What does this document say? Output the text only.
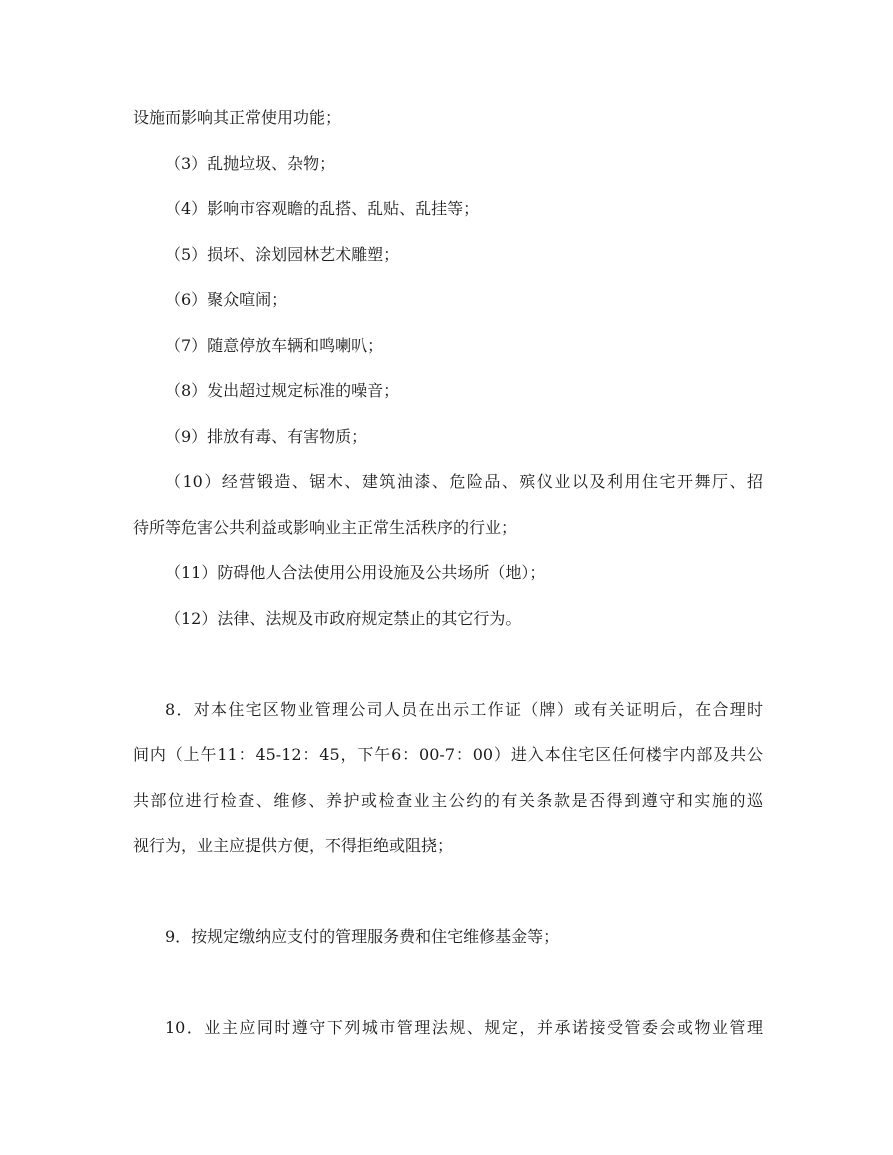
设施而影响其正常使用功能；
（3）乱抛垃圾、杂物；
（4）影响市容观瞻的乱搭、乱贴、乱挂等；
（5）损坏、涂划园林艺术雕塑；
（6）聚众喧闹；
（7）随意停放车辆和鸣喇叭；
（8）发出超过规定标准的噪音；
（9）排放有毒、有害物质；
（10）经营锻造、锯木、建筑油漆、危险品、殡仪业以及利用住宅开舞厅、招
待所等危害公共利益或影响业主正常生活秩序的行业；
（11）防碍他人合法使用公用设施及公共场所（地）；
（12）法律、法规及市政府规定禁止的其它行为。
8．对本住宅区物业管理公司人员在出示工作证（牌）或有关证明后，在合理时
间内（上午11：45-12：45，下午6：00-7：00）进入本住宅区任何楼宇内部及共公
共部位进行检查、维修、养护或检查业主公约的有关条款是否得到遵守和实施的巡
视行为，业主应提供方便，不得拒绝或阻挠；
9．按规定缴纳应支付的管理服务费和住宅维修基金等；
10．业主应同时遵守下列城市管理法规、规定，并承诺接受管委会或物业管理
